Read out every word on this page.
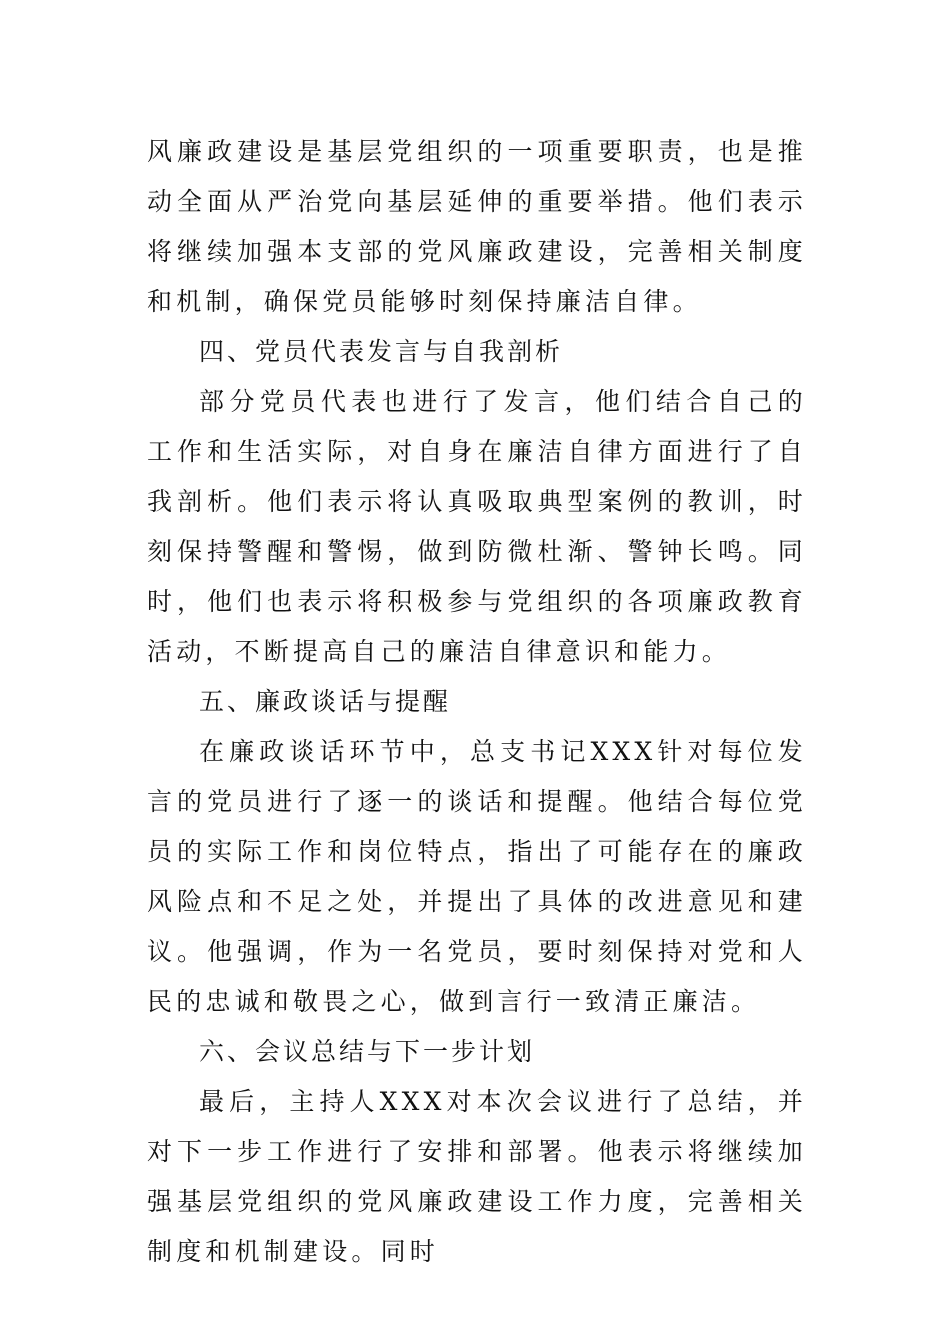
风廉政建设是基层党组织的一项重要职责，也是推动全面从严治党向基层延伸的重要举措。他们表示将继续加强本支部的党风廉政建设，完善相关制度和机制，确保党员能够时刻保持廉洁自律。

四、党员代表发言与自我剖析

部分党员代表也进行了发言，他们结合自己的工作和生活实际，对自身在廉洁自律方面进行了自我剖析。他们表示将认真吸取典型案例的教训，时刻保持警醒和警惕，做到防微杜渐、警钟长鸣。同时，他们也表示将积极参与党组织的各项廉政教育活动，不断提高自己的廉洁自律意识和能力。

五、廉政谈话与提醒

在廉政谈话环节中，总支书记XXX针对每位发言的党员进行了逐一的谈话和提醒。他结合每位党员的实际工作和岗位特点，指出了可能存在的廉政风险点和不足之处，并提出了具体的改进意见和建议。他强调，作为一名党员，要时刻保持对党和人民的忠诚和敬畏之心，做到言行一致清正廉洁。

六、会议总结与下一步计划

最后，主持人XXX对本次会议进行了总结，并对下一步工作进行了安排和部署。他表示将继续加强基层党组织的党风廉政建设工作力度，完善相关制度和机制建设。同时
